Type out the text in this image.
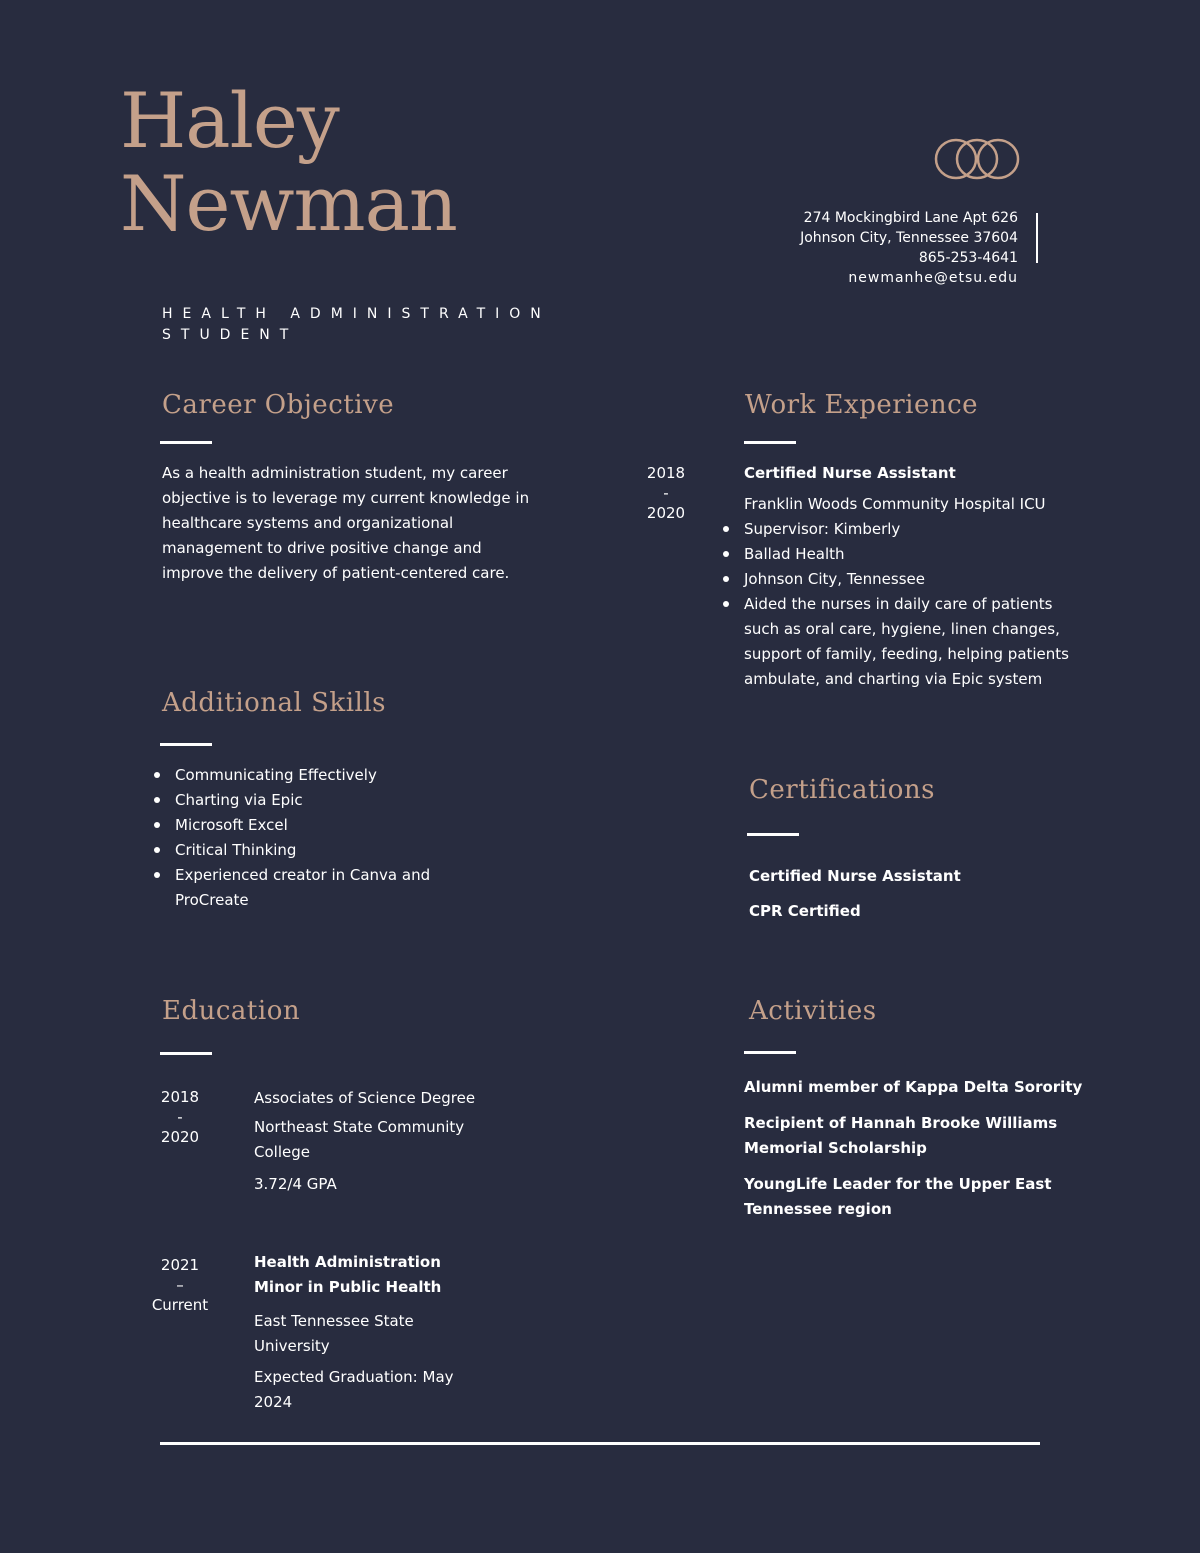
Haley
Newman
HEALTH ADMINISTRATION
STUDENT
274 Mockingbird Lane Apt 626
Johnson City, Tennessee 37604
865-253-4641
newmanhe@etsu.edu
Career Objective
As a health administration student, my career
objective is to leverage my current knowledge in
healthcare systems and organizational
management to drive positive change and
improve the delivery of patient-centered care.
Additional Skills
Communicating Effectively
Charting via Epic
Microsoft Excel
Critical Thinking
Experienced creator in Canva and ProCreate
Education
2018
-
2020
Associates of Science Degree
Northeast State Community College
3.72/4 GPA
2021
–
Current
Health Administration Minor in Public Health
East Tennessee State University
Expected Graduation: May 2024
Work Experience
2018
-
2020
Certified Nurse Assistant
Franklin Woods Community Hospital ICU
Supervisor: Kimberly
Ballad Health
Johnson City, Tennessee
Aided the nurses in daily care of patients such as oral care, hygiene, linen changes, support of family, feeding, helping patients ambulate, and charting via Epic system
Certifications
Certified Nurse Assistant
CPR Certified
Activities
Alumni member of Kappa Delta Sorority
Recipient of Hannah Brooke Williams Memorial Scholarship
YoungLife Leader for the Upper East Tennessee region
